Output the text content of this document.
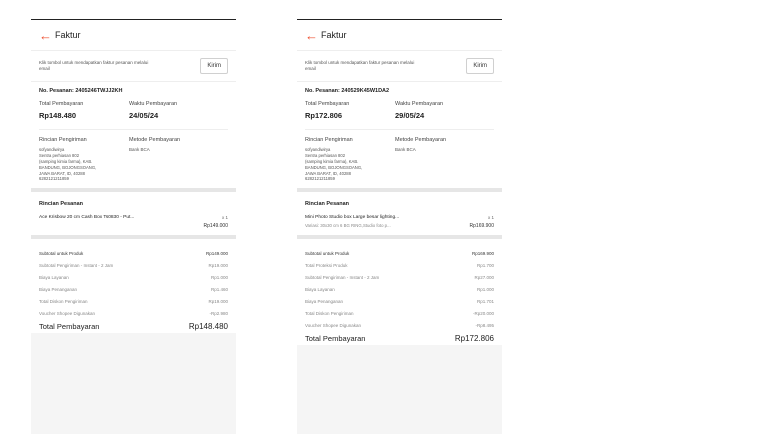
← Faktur
Klik tombol untuk mendapatkan faktur pesanan melalui email	Kirim
No. Pesanan: 2405246TWJJ2KH
Total Pembayaran
Rp148.480
Waktu Pembayaran
24/05/24
Rincian Pengiriman
sofyandiwirya
Sentra perhiasan 802
(samping kimia farma), KAB.
BANDUNG, BOJONGSOANG,
JAWA BARAT, ID, 40288
6282121211859
Metode Pembayaran
Bank BCA
Rincian Pesanan
Ace Krisbow 20 cm Cash Box Ts0830 - Put...	x 1
Rp149.000
Subtotal untuk Produk	Rp149.000
Subtotal Pengiriman - Instant - 2 Jam	Rp19.000
Biaya Layanan	Rp1.000
Biaya Penanganan	Rp1.460
Total Diskon Pengiriman	Rp19.000
Voucher Shopee Digunakan	-Rp2.980
Total Pembayaran	Rp148.480
← Faktur
Klik tombol untuk mendapatkan faktur pesanan melalui email	Kirim
No. Pesanan: 240529K45W1DA2
Total Pembayaran
Rp172.806
Waktu Pembayaran
29/05/24
Rincian Pengiriman
sofyandiwirya
Sentra perhiasan 802
(samping kimia farma), KAB.
BANDUNG, BOJONGSOANG,
JAWA BARAT, ID, 40288
6282121211859
Metode Pembayaran
Bank BCA
Rincian Pesanan
Mini Photo Studio box Large besar lighting...	x 1
Variasi: 30x30 cm 6 BG RING,Studio foto p...	Rp169.900
Subtotal untuk Produk	Rp169.900
Total Proteksi Produk	Rp1.700
Subtotal Pengiriman - Instant - 2 Jam	Rp27.000
Biaya Layanan	Rp1.000
Biaya Penanganan	Rp1.701
Total Diskon Pengiriman	-Rp20.000
Voucher Shopee Digunakan	-Rp8.495
Total Pembayaran	Rp172.806
